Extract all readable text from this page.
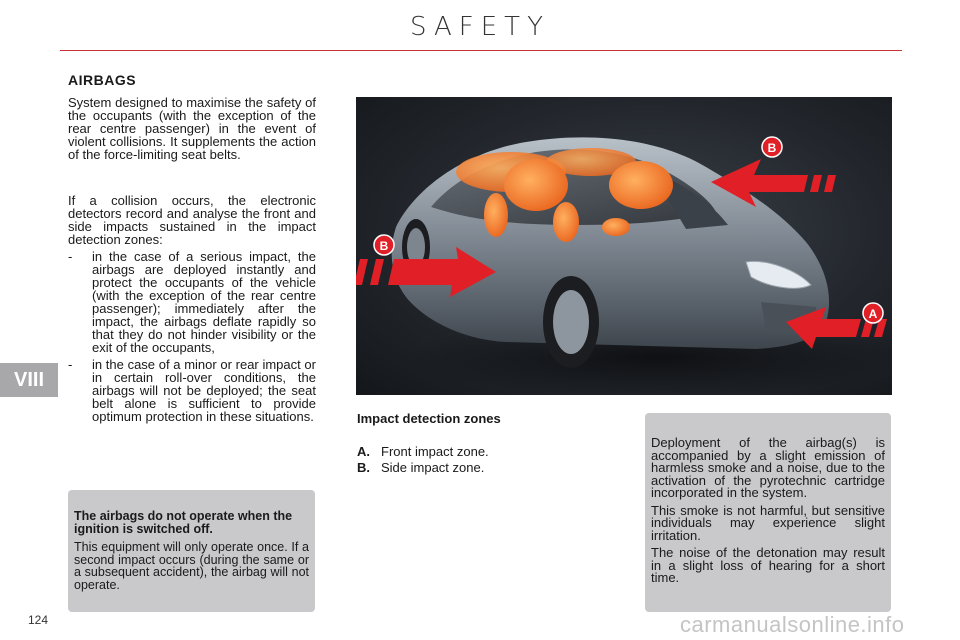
SAFETY
VIII
124
AIRBAGS
System designed to maximise the safety of the occupants (with the exception of the rear centre passenger) in the event of violent collisions. It supplements the action of the force-limiting seat belts.
If a collision occurs, the electronic detectors record and analyse the front and side impacts sustained in the impact detection zones:
- in the case of a serious impact, the airbags are deployed instantly and protect the occupants of the vehicle (with the exception of the rear centre passenger); immediately after the impact, the airbags deflate rapidly so that they do not hinder visibility or the exit of the occupants,
- in the case of a minor or rear impact or in certain roll-over conditions, the airbags will not be deployed; the seat belt alone is sufficient to provide optimum protection in these situations.
The airbags do not operate when the ignition is switched off.
This equipment will only operate once. If a second impact occurs (during the same or a subsequent accident), the airbag will not operate.
B
B
A
Impact detection zones
A. Front impact zone.
B. Side impact zone.

Deployment of the airbag(s) is accompanied by a slight emission of harmless smoke and a noise, due to the activation of the pyrotechnic cartridge incorporated in the system.

This smoke is not harmful, but sensitive individuals may experience slight irritation.

The noise of the detonation may result in a slight loss of hearing for a short time.

carmanualsonline.info
